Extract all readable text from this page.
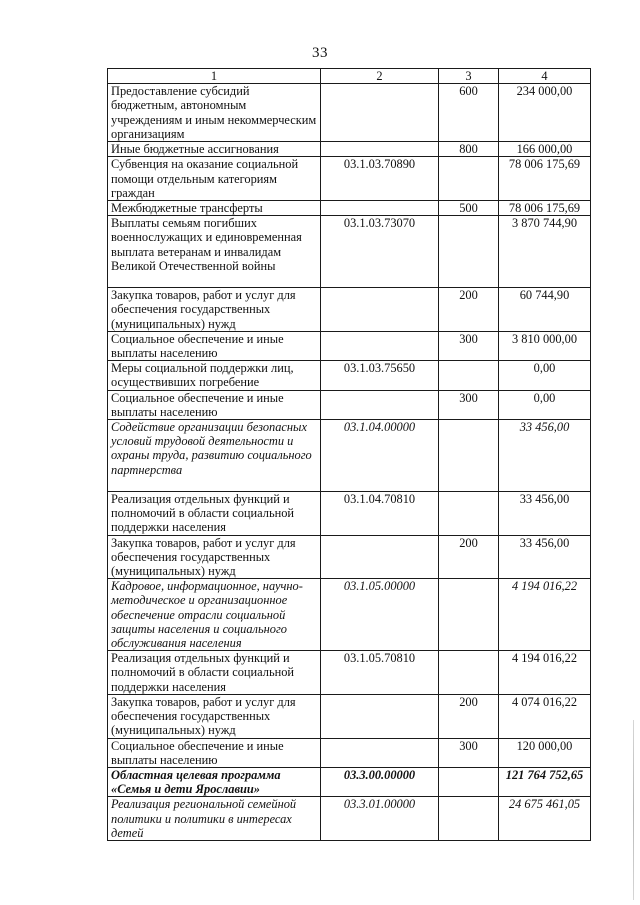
33
1	2	3	4
Предоставление субсидий бюджетным, автономным учреждениям и иным некоммерческим организациям		600	234 000,00
Иные бюджетные ассигнования		800	166 000,00
Субвенция на оказание социальной помощи отдельным категориям граждан	03.1.03.70890		78 006 175,69
Межбюджетные трансферты		500	78 006 175,69
Выплаты семьям погибших военнослужащих и единовременная выплата ветеранам и инвалидам Великой Отечественной войны	03.1.03.73070		3 870 744,90
Закупка товаров, работ и услуг для обеспечения государственных (муниципальных) нужд		200	60 744,90
Социальное обеспечение и иные выплаты населению		300	3 810 000,00
Меры социальной поддержки лиц, осуществивших погребение	03.1.03.75650		0,00
Социальное обеспечение и иные выплаты населению		300	0,00
Содействие организации безопасных условий трудовой деятельности и охраны труда, развитию социального партнерства	03.1.04.00000		33 456,00
Реализация отдельных функций и полномочий в области социальной поддержки населения	03.1.04.70810		33 456,00
Закупка товаров, работ и услуг для обеспечения государственных (муниципальных) нужд		200	33 456,00
Кадровое, информационное, научно-методическое и организационное обеспечение отрасли социальной защиты населения и социального обслуживания населения	03.1.05.00000		4 194 016,22
Реализация отдельных функций и полномочий в области социальной поддержки населения	03.1.05.70810		4 194 016,22
Закупка товаров, работ и услуг для обеспечения государственных (муниципальных) нужд		200	4 074 016,22
Социальное обеспечение и иные выплаты населению		300	120 000,00
Областная целевая программа «Семья и дети Ярославии»	03.3.00.00000		121 764 752,65
Реализация региональной семейной политики и политики в интересах детей	03.3.01.00000		24 675 461,05
